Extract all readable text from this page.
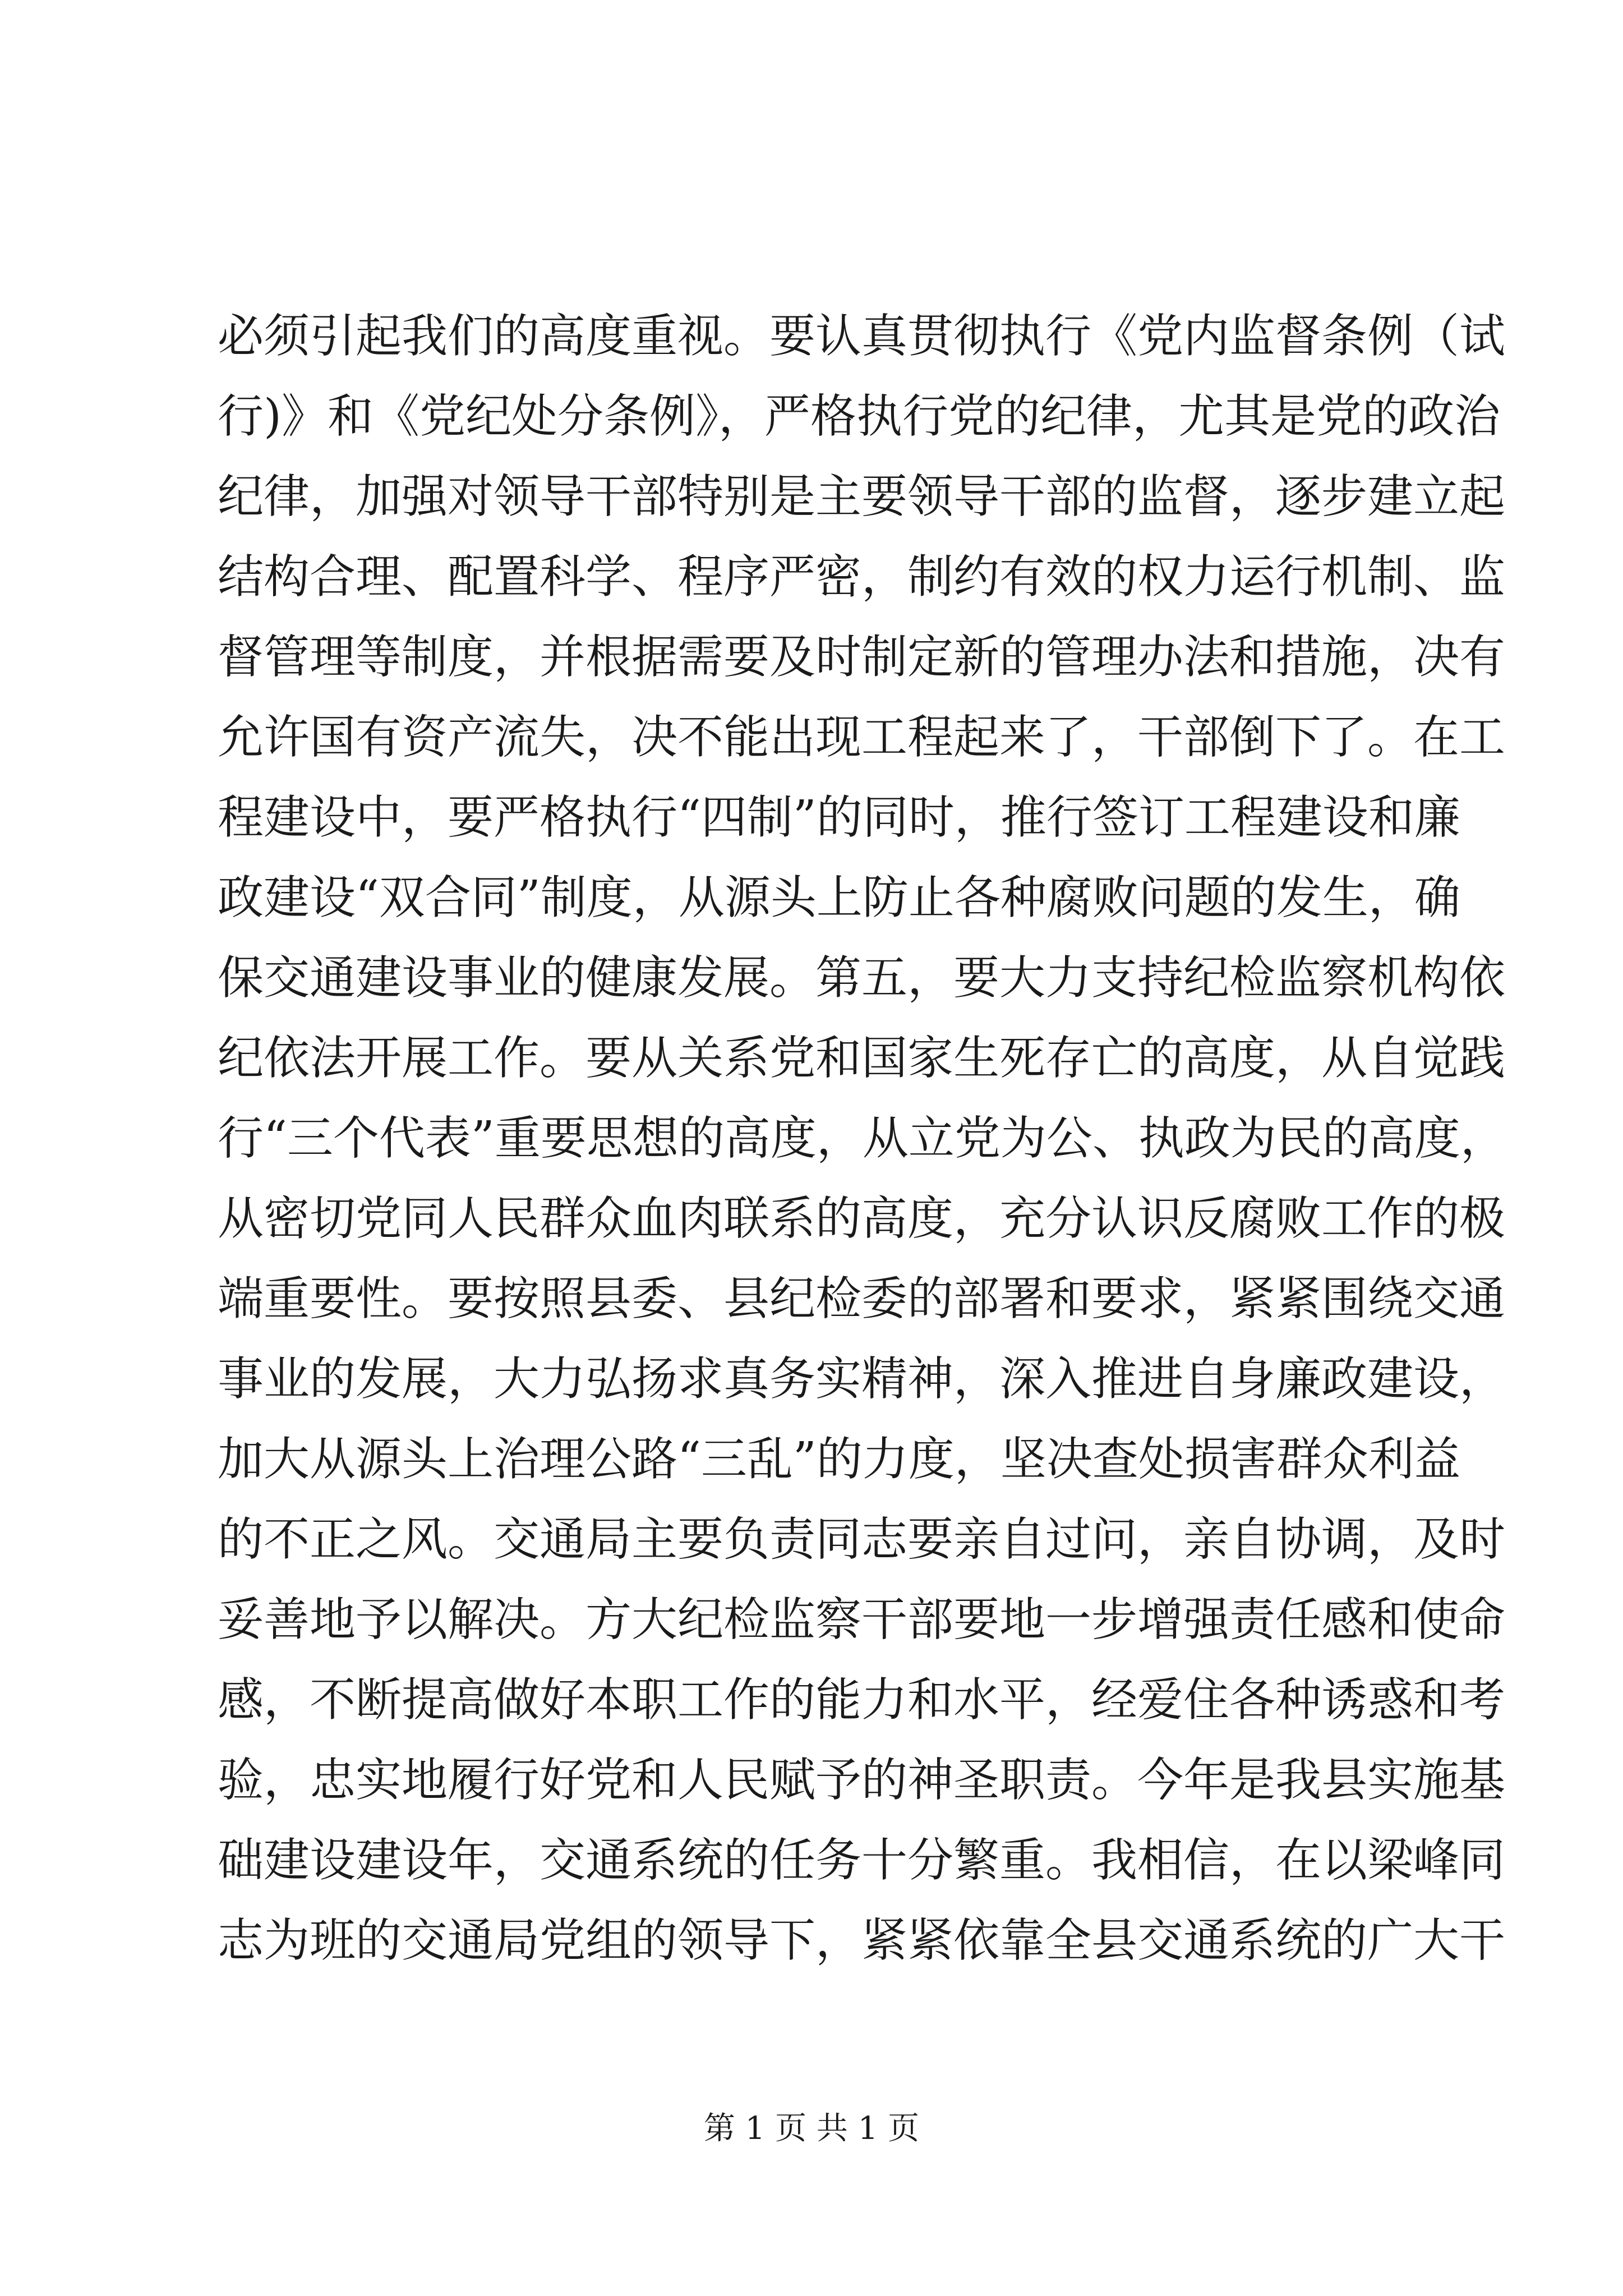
必须引起我们的高度重视。要认真贯彻执行《党内监督条例（试
行)》和《党纪处分条例》，严格执行党的纪律，尤其是党的政治
纪律，加强对领导干部特别是主要领导干部的监督，逐步建立起
结构合理、配置科学、程序严密，制约有效的权力运行机制、监
督管理等制度，并根据需要及时制定新的管理办法和措施，决有
允许国有资产流失，决不能出现工程起来了，干部倒下了。在工
程建设中，要严格执行“四制”的同时，推行签订工程建设和廉
政建设“双合同”制度，从源头上防止各种腐败问题的发生，确
保交通建设事业的健康发展。第五，要大力支持纪检监察机构依
纪依法开展工作。要从关系党和国家生死存亡的高度，从自觉践
行“三个代表”重要思想的高度，从立党为公、执政为民的高度，
从密切党同人民群众血肉联系的高度，充分认识反腐败工作的极
端重要性。要按照县委、县纪检委的部署和要求，紧紧围绕交通
事业的发展，大力弘扬求真务实精神，深入推进自身廉政建设，
加大从源头上治理公路“三乱”的力度，坚决查处损害群众利益
的不正之风。交通局主要负责同志要亲自过问，亲自协调，及时
妥善地予以解决。方大纪检监察干部要地一步增强责任感和使命
感，不断提高做好本职工作的能力和水平，经爱住各种诱惑和考
验，忠实地履行好党和人民赋予的神圣职责。今年是我县实施基
础建设建设年，交通系统的任务十分繁重。我相信，在以梁峰同
志为班的交通局党组的领导下，紧紧依靠全县交通系统的广大干
第 1 页 共 1 页
